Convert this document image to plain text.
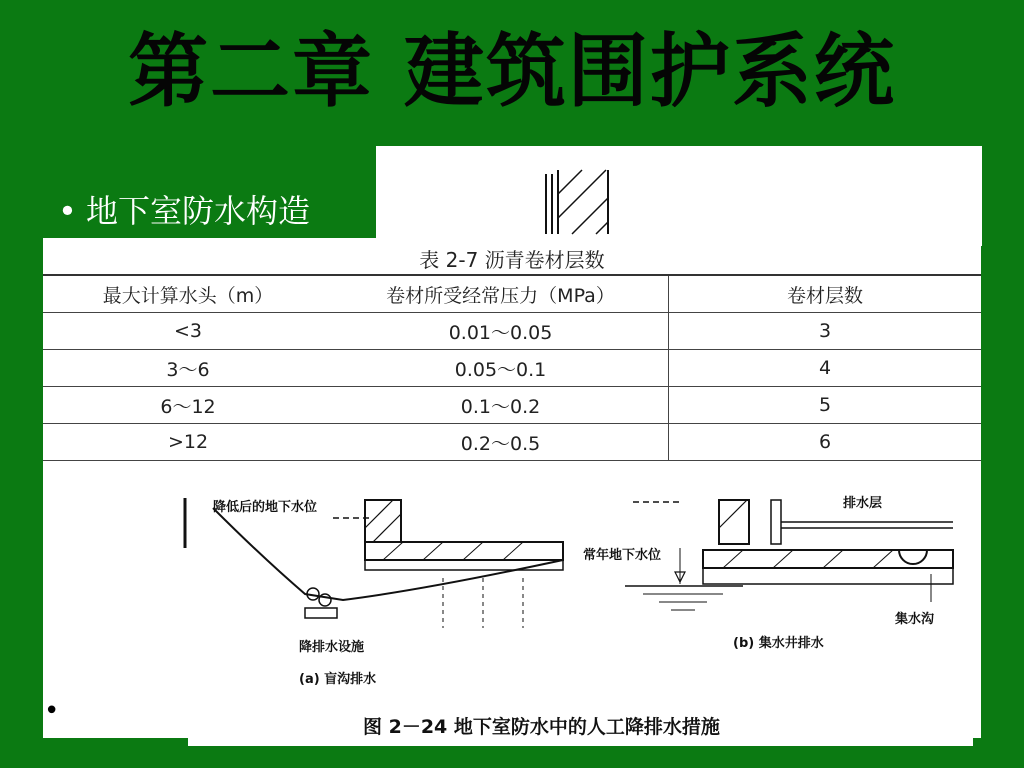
第二章 建筑围护系统
• 地下室防水构造
表 2-7 沥青卷材层数
最大计算水头（m）	卷材所受经常压力（MPa）	卷材层数
<3	0.01～0.05	3
3～6	0.05～0.1	4
6～12	0.1～0.2	5
>12	0.2～0.5	6
降低后的地下水位	排水层
常年地下水位
降排水设施
集水沟
(b) 集水井排水
(a) 盲沟排水
图 2－24 地下室防水中的人工降排水措施
•
